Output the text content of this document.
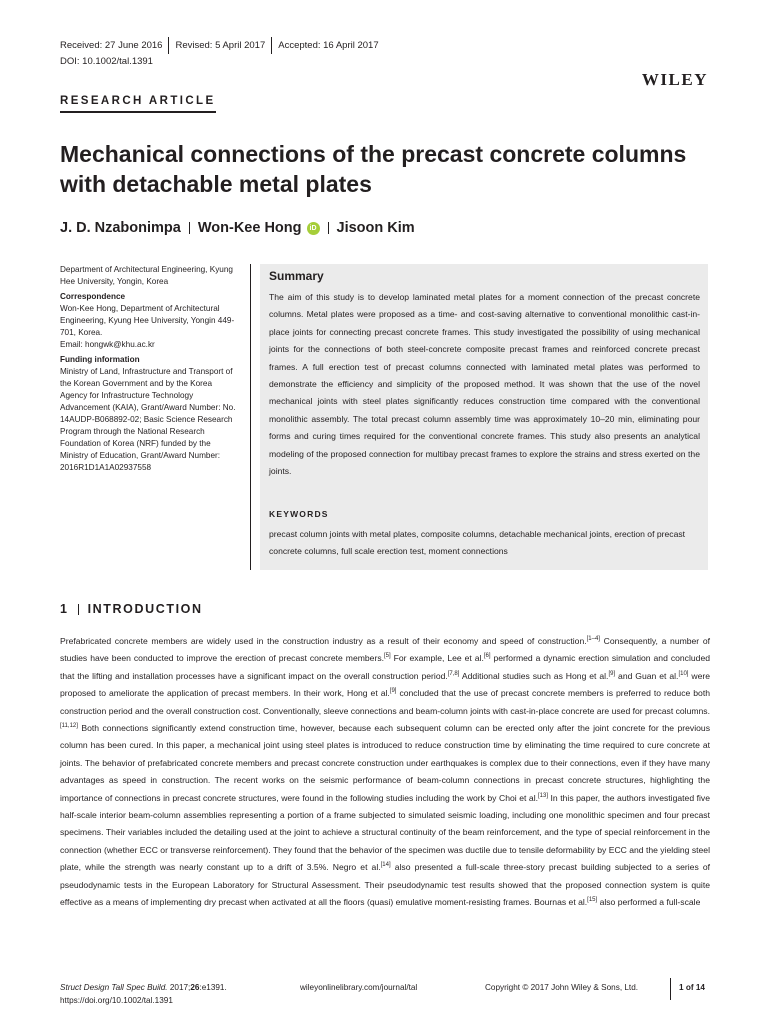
Received: 27 June 2016 Revised: 5 April 2017 Accepted: 16 April 2017
DOI: 10.1002/tal.1391
WILEY
RESEARCH ARTICLE
Mechanical connections of the precast concrete columns with detachable metal plates
J. D. Nzabonimpa Won-Kee Hong	iD Jisoon Kim
Department of Architectural Engineering, Kyung Hee University, Yongin, Korea
Correspondence
Won-Kee Hong, Department of Architectural Engineering, Kyung Hee University, Yongin 449-701, Korea.
Email: hongwk@khu.ac.kr
Funding information
Ministry of Land, Infrastructure and Transport of the Korean Government and by the Korea Agency for Infrastructure Technology Advancement (KAIA), Grant/Award Number: No. 14AUDP-B068892-02; Basic Science Research Program through the National Research Foundation of Korea (NRF) funded by the Ministry of Education, Grant/Award Number: 2016R1D1A1A02937558
Summary
The aim of this study is to develop laminated metal plates for a moment connection of the precast concrete columns. Metal plates were proposed as a time- and cost-saving alternative to conventional monolithic cast-in-place joints for connecting precast concrete frames. This study investigated the possibility of using mechanical joints for the connections of both steel-concrete composite precast frames and reinforced concrete precast frames. A full erection test of precast columns connected with laminated metal plates was performed to demonstrate the efficiency and simplicity of the proposed method. It was shown that the use of the novel mechanical joints with steel plates significantly reduces construction time compared with the conventional monolithic assembly. The total precast column assembly time was approximately 10–20 min, eliminating pour forms and curing times required for the conventional concrete frames. This study also presents an analytical modeling of the proposed connection for multibay precast frames to explore the strains and stress exerted on the joints.
KEYWORDS
precast column joints with metal plates, composite columns, detachable mechanical joints, erection of precast concrete columns, full scale erection test, moment connections
1 INTRODUCTION
Prefabricated concrete members are widely used in the construction industry as a result of their economy and speed of construction.[1–4] Consequently, a number of studies have been conducted to improve the erection of precast concrete members.[5] For example, Lee et al.[6] performed a dynamic erection simulation and concluded that the lifting and installation processes have a significant impact on the overall construction period.[7,8] Additional studies such as Hong et al.[9] and Guan et al.[10] were proposed to ameliorate the application of precast members. In their work, Hong et al.[9] concluded that the use of precast concrete members is preferred to reduce both construction period and the overall construction cost. Conventionally, sleeve connections and beam-column joints with cast-in-place concrete are used for precast columns.[11,12] Both connections significantly extend construction time, however, because each subsequent column can be erected only after the joint concrete for the previous column has been cured. In this paper, a mechanical joint using steel plates is introduced to reduce construction time by eliminating the time required to cure concrete at joints. The behavior of prefabricated concrete members and precast concrete construction under earthquakes is complex due to their connections, even if they have many advantages as speed in construction. The recent works on the seismic performance of beam-column connections in precast concrete structures, highlighting the importance of connections in precast concrete structures, were found in the following studies including the work by Choi et al.[13] In this paper, the authors investigated five half-scale interior beam-column assemblies representing a portion of a frame subjected to simulated seismic loading, including one monolithic specimen and four precast specimens. Their variables included the detailing used at the joint to achieve a structural continuity of the beam reinforcement, and the type of special reinforcement in the connection (whether ECC or transverse reinforcement). They found that the behavior of the specimen was ductile due to tensile deformability by ECC and the yielding steel plate, while the strength was nearly constant up to a drift of 3.5%. Negro et al.[14] also presented a full-scale three-story precast building subjected to a series of pseudodynamic tests in the European Laboratory for Structural Assessment. Their pseudodynamic test results showed that the proposed connection system is quite effective as a means of implementing dry precast when activated at all the floors (quasi) emulative moment-resisting frames. Bournas et al.[15] also performed a full-scale
Struct Design Tall Spec Build. 2017;26:e1391.
https://doi.org/10.1002/tal.1391
wileyonlinelibrary.com/journal/tal	Copyright © 2017 John Wiley & Sons, Ltd.	1 of 14
